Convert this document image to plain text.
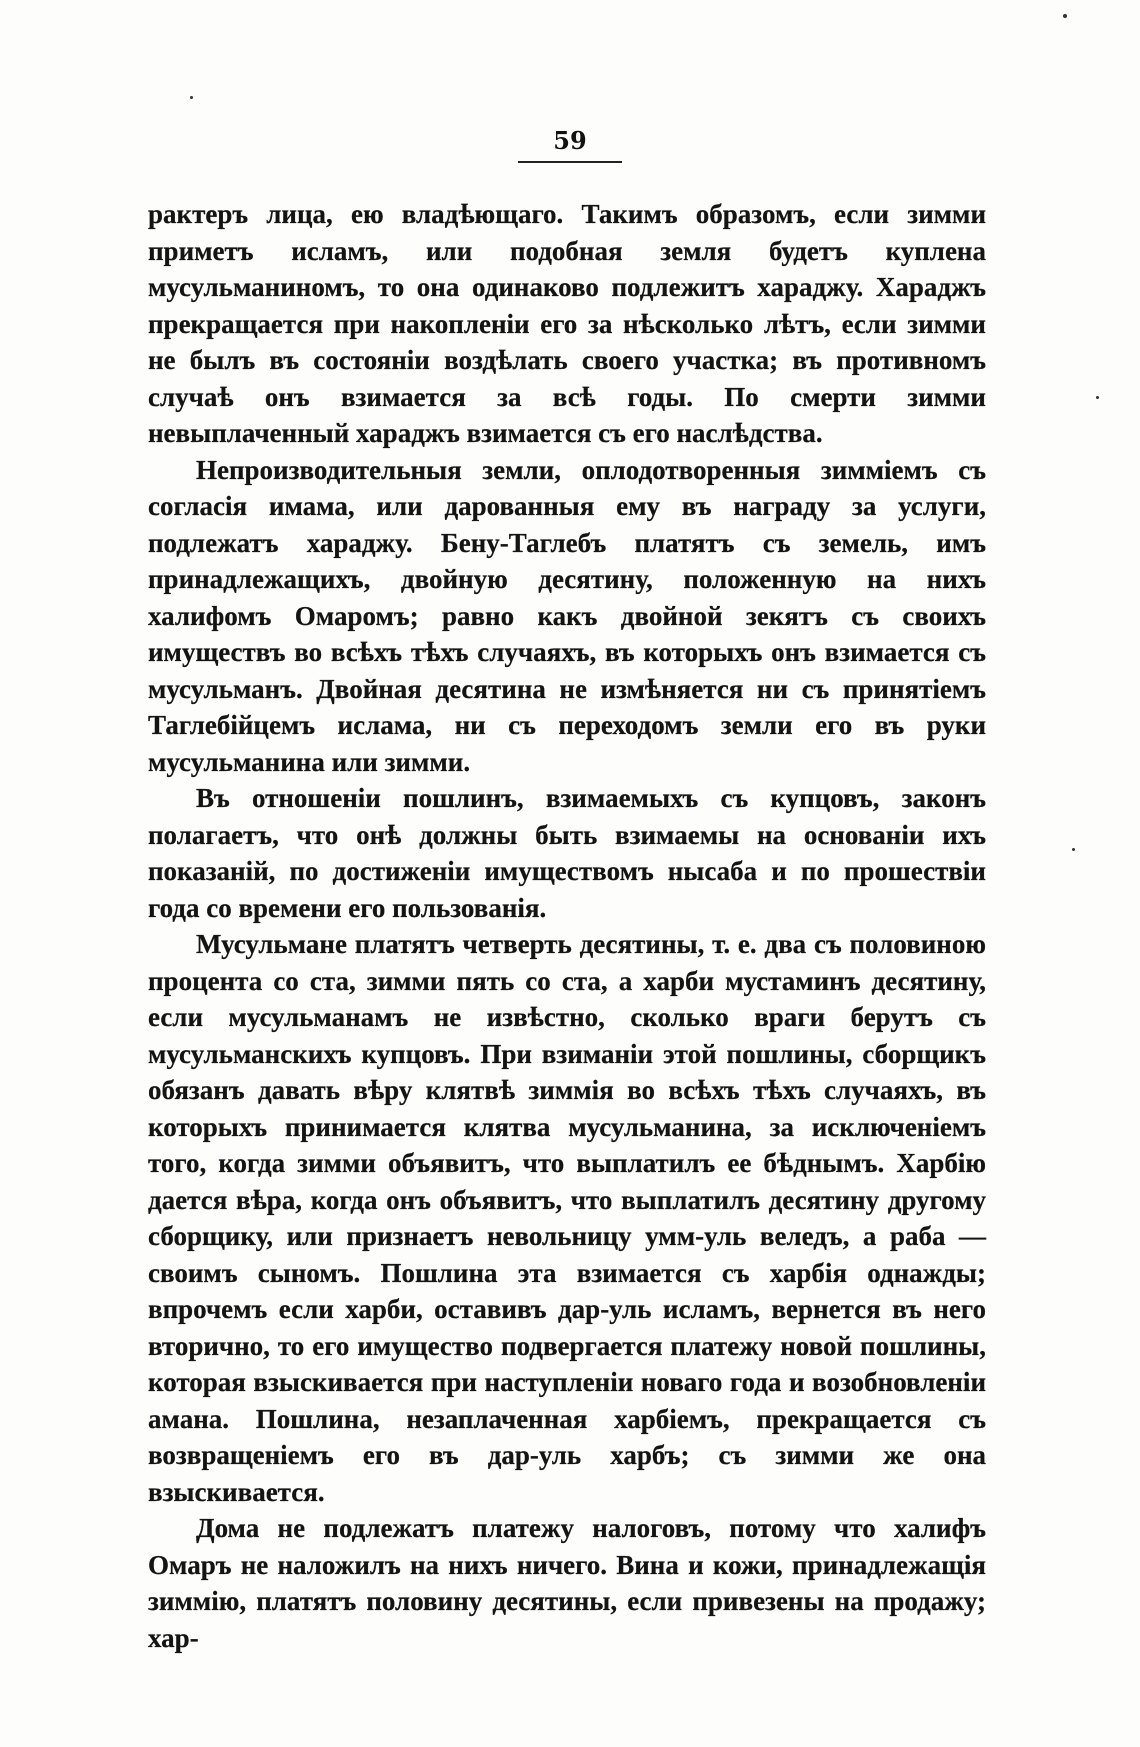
59

рактеръ лица, ею владѣющаго. Такимъ образомъ, если зимми приметъ исламъ, или подобная земля будетъ куплена мусульманиномъ, то она одинаково подлежитъ хараджу. Хараджъ прекращается при накопленіи его за нѣсколько лѣтъ, если зимми не былъ въ состояніи воздѣлать своего участка; въ противномъ случаѣ онъ взимается за всѣ годы. По смерти зимми невыплаченный хараджъ взимается съ его наслѣдства.

Непроизводительныя земли, оплодотворенныя зимміемъ съ согласія имама, или дарованныя ему въ награду за услуги, подлежатъ хараджу. Бену-Таглебъ платятъ съ земель, имъ принадлежащихъ, двойную десятину, положенную на нихъ халифомъ Омаромъ; равно какъ двойной зекятъ съ своихъ имуществъ во всѣхъ тѣхъ случаяхъ, въ которыхъ онъ взимается съ мусульманъ. Двойная десятина не измѣняется ни съ принятіемъ Таглебійцемъ ислама, ни съ переходомъ земли его въ руки мусульманина или зимми.

Въ отношеніи пошлинъ, взимаемыхъ съ купцовъ, законъ полагаетъ, что онѣ должны быть взимаемы на основаніи ихъ показаній, по достиженіи имуществомъ нысаба и по прошествіи года со времени его пользованія.

Мусульмане платятъ четверть десятины, т. е. два съ половиною процента со ста, зимми пять со ста, а харби мустаминъ десятину, если мусульманамъ не извѣстно, сколько враги берутъ съ мусульманскихъ купцовъ. При взиманіи этой пошлины, сборщикъ обязанъ давать вѣру клятвѣ зиммія во всѣхъ тѣхъ случаяхъ, въ которыхъ принимается клятва мусульманина, за исключеніемъ того, когда зимми объявитъ, что выплатилъ ее бѣднымъ. Харбію дается вѣра, когда онъ объявитъ, что выплатилъ десятину другому сборщику, или признаетъ невольницу умм-уль веледъ, а раба — своимъ сыномъ. Пошлина эта взимается съ харбія однажды; впрочемъ если харби, оставивъ дар-уль исламъ, вернется въ него вторично, то его имущество подвергается платежу новой пошлины, которая взыскивается при наступленіи новаго года и возобновленіи амана. Пошлина, незаплаченная харбіемъ, прекращается съ возвращеніемъ его въ дар-уль харбъ; съ зимми же она взыскивается.

Дома не подлежатъ платежу налоговъ, потому что халифъ Омаръ не наложилъ на нихъ ничего. Вина и кожи, принадлежащія зиммію, платятъ половину десятины, если привезены на продажу; хар-
